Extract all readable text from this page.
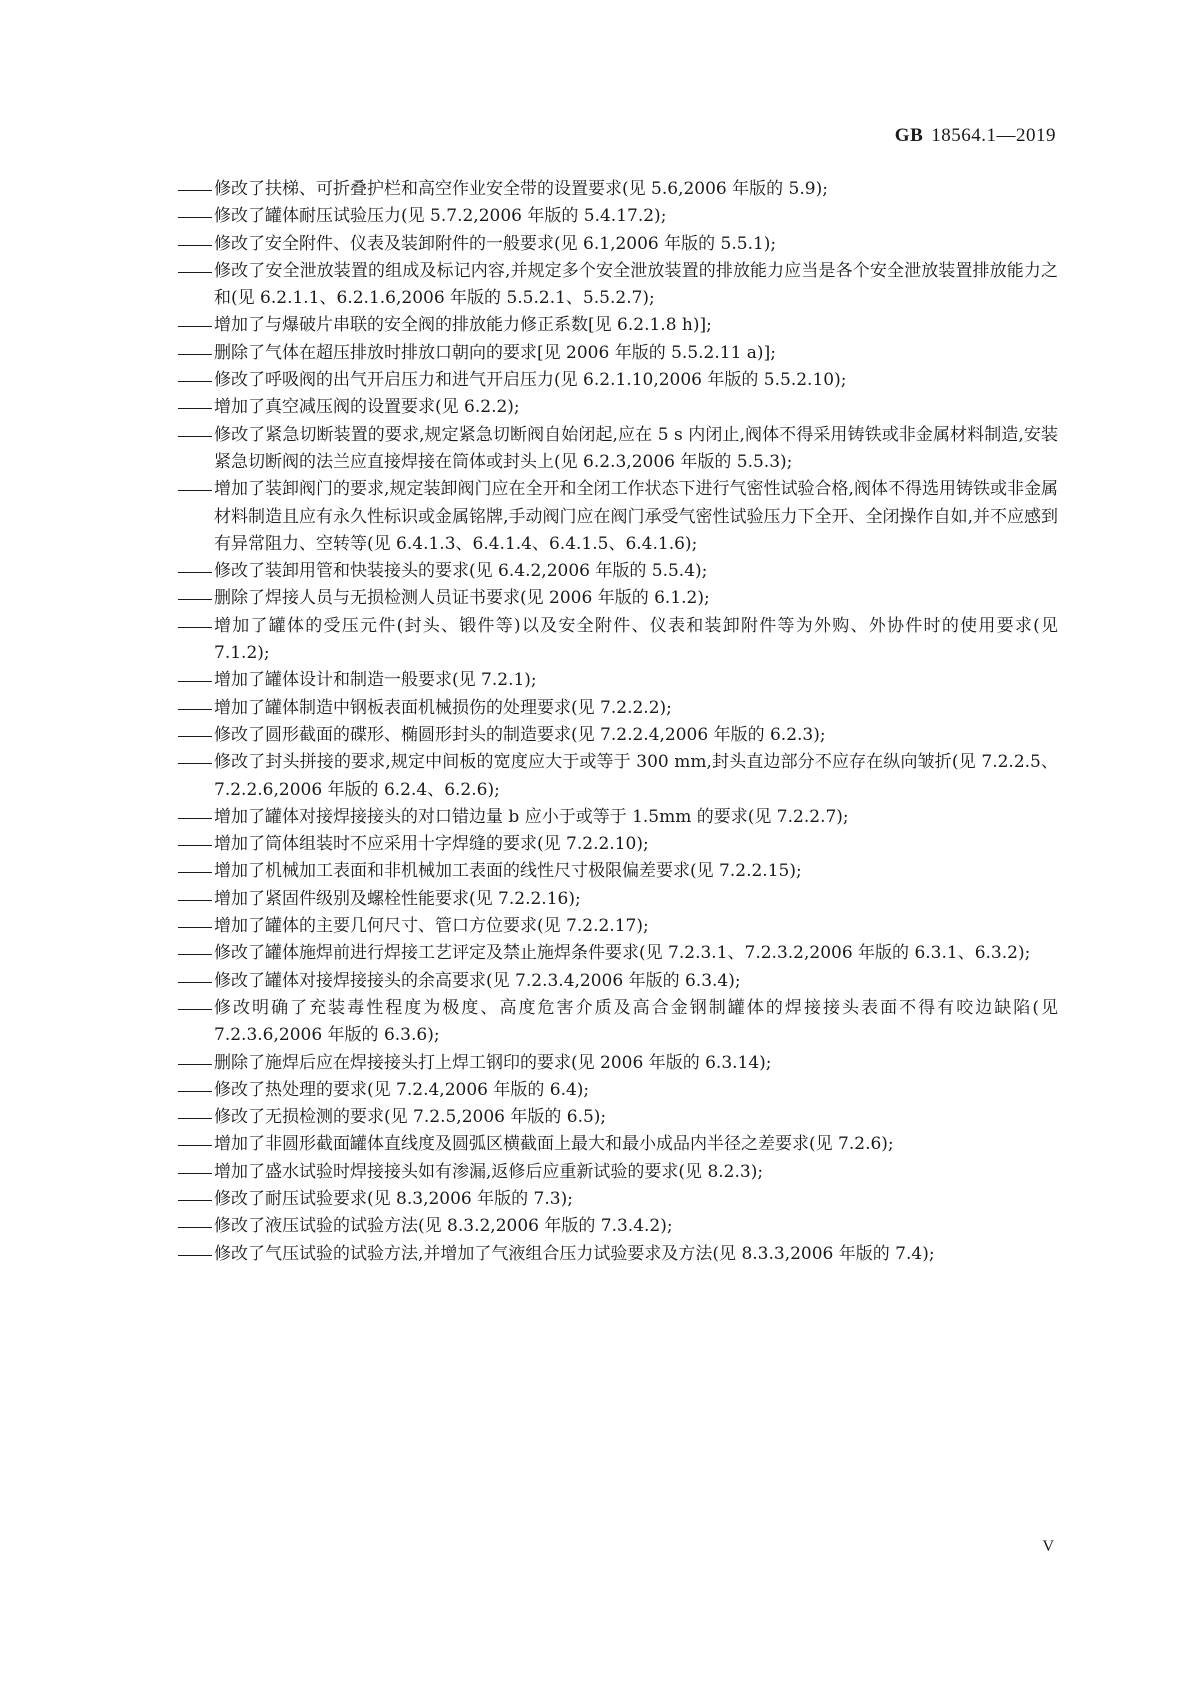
GB 18564.1—2019
修改了扶梯、可折叠护栏和高空作业安全带的设置要求(见 5.6,2006 年版的 5.9);
修改了罐体耐压试验压力(见 5.7.2,2006 年版的 5.4.17.2);
修改了安全附件、仪表及装卸附件的一般要求(见 6.1,2006 年版的 5.5.1);
修改了安全泄放装置的组成及标记内容,并规定多个安全泄放装置的排放能力应当是各个安全泄放装置排放能力之和(见 6.2.1.1、6.2.1.6,2006 年版的 5.5.2.1、5.5.2.7);
增加了与爆破片串联的安全阀的排放能力修正系数[见 6.2.1.8 h)];
删除了气体在超压排放时排放口朝向的要求[见 2006 年版的 5.5.2.11 a)];
修改了呼吸阀的出气开启压力和进气开启压力(见 6.2.1.10,2006 年版的 5.5.2.10);
增加了真空减压阀的设置要求(见 6.2.2);
修改了紧急切断装置的要求,规定紧急切断阀自始闭起,应在 5 s 内闭止,阀体不得采用铸铁或非金属材料制造,安装紧急切断阀的法兰应直接焊接在筒体或封头上(见 6.2.3,2006 年版的 5.5.3);
增加了装卸阀门的要求,规定装卸阀门应在全开和全闭工作状态下进行气密性试验合格,阀体不得选用铸铁或非金属材料制造且应有永久性标识或金属铭牌,手动阀门应在阀门承受气密性试验压力下全开、全闭操作自如,并不应感到有异常阻力、空转等(见 6.4.1.3、6.4.1.4、6.4.1.5、6.4.1.6);
修改了装卸用管和快装接头的要求(见 6.4.2,2006 年版的 5.5.4);
删除了焊接人员与无损检测人员证书要求(见 2006 年版的 6.1.2);
增加了罐体的受压元件(封头、锻件等)以及安全附件、仪表和装卸附件等为外购、外协件时的使用要求(见 7.1.2);
增加了罐体设计和制造一般要求(见 7.2.1);
增加了罐体制造中钢板表面机械损伤的处理要求(见 7.2.2.2);
修改了圆形截面的碟形、椭圆形封头的制造要求(见 7.2.2.4,2006 年版的 6.2.3);
修改了封头拼接的要求,规定中间板的宽度应大于或等于 300 mm,封头直边部分不应存在纵向皱折(见 7.2.2.5、7.2.2.6,2006 年版的 6.2.4、6.2.6);
增加了罐体对接焊接接头的对口错边量 b 应小于或等于 1.5mm 的要求(见 7.2.2.7);
增加了筒体组装时不应采用十字焊缝的要求(见 7.2.2.10);
增加了机械加工表面和非机械加工表面的线性尺寸极限偏差要求(见 7.2.2.15);
增加了紧固件级别及螺栓性能要求(见 7.2.2.16);
增加了罐体的主要几何尺寸、管口方位要求(见 7.2.2.17);
修改了罐体施焊前进行焊接工艺评定及禁止施焊条件要求(见 7.2.3.1、7.2.3.2,2006 年版的 6.3.1、6.3.2);
修改了罐体对接焊接接头的余高要求(见 7.2.3.4,2006 年版的 6.3.4);
修改明确了充装毒性程度为极度、高度危害介质及高合金钢制罐体的焊接接头表面不得有咬边缺陷(见 7.2.3.6,2006 年版的 6.3.6);
删除了施焊后应在焊接接头打上焊工钢印的要求(见 2006 年版的 6.3.14);
修改了热处理的要求(见 7.2.4,2006 年版的 6.4);
修改了无损检测的要求(见 7.2.5,2006 年版的 6.5);
增加了非圆形截面罐体直线度及圆弧区横截面上最大和最小成品内半径之差要求(见 7.2.6);
增加了盛水试验时焊接接头如有渗漏,返修后应重新试验的要求(见 8.2.3);
修改了耐压试验要求(见 8.3,2006 年版的 7.3);
修改了液压试验的试验方法(见 8.3.2,2006 年版的 7.3.4.2);
修改了气压试验的试验方法,并增加了气液组合压力试验要求及方法(见 8.3.3,2006 年版的 7.4);
V
